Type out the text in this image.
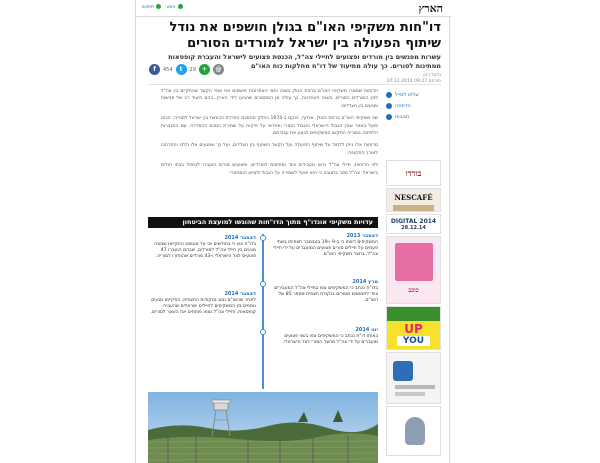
הארץ
ניווט
חיפוש
דו"חות משקיפי האו"ם בגולן חושפים את נודל שיתוף הפעולה בין ישראל למורדים הסורים
עשרות מפגשים בין מורדים ופצועים לחיילי צה"ל, הכנסת פצועים לישראל והעברת קופסאות ממתינות לסורים. כך עולה מתיעוד של דו"ח מחלקות כוח האו"ם
גלעד כהן
פורסם 09:27 07.12.2014
f	454	t	29 +	@

הדוחות שמסרו משקיפי האו"ם ברמת הגולן בשנה וחצי האחרונות חושפים את אופי הקשר שהתקיים בין צה"ל לבין המורדים הסורים, בשנה האחרונה, כך עולה מן המסמכים שהגיעו לידי הארץ, בהם תיעוד רב של פגישות ומגעים בין הצדדים.

שני משקיפי האו"ם ברמת הגולן, אנדוף, הוקם ב-1974 כחלק מהסכם הפרדת הכוחות בין ישראל לסוריה. הכוח פועל באזור שבין הגבול הישראלי והגבול הסורי ואחראי על פיקוח על שמירת הסכם ההפרדה. עם התגברות הלחימה בסוריה התקשו המשקיפים לבצע את עבודתם.

מדוחות אלו ניתן ללמוד על שיתוף הפעולה ועל הקשר השוטף בין הצדדים, ועל כך שמגעים אלו הלכו והתרחבו לאורך התקופה.

לפי הדוחות, חיילי צה"ל נראו מעבירים ציוד ומחיסות למורדים, ופצועים סורים הועברו לטיפול בבתי חולים בישראל. צה"ל מסר בתגובה כי הוא פועל לשמירה על הגבול ולסיוע הומניטרי.

שלחו למייל
הדפסה
תגובות
בורדו
NESCAFÉ
DIGITAL 2014
28.12.14
כוכב
UP
YOU
עדויות משקיפי אונדו"ף מתוך הדו"חות שהוגשו למועצת הביטחון
דצמבר 2013
המשקיפים דיווחו כי ב-9 ו-19 בנובמבר תצפיתו בשתי פעמים על חיילים סורים פצועים המועברים על ידי חיילי צה"ל, בחצר משקיפי האו"ם.
מרץ 2014
בדו"ח נכתב כי המשקיפים צפו בחיילי צה"ל המעבירים ציוד לחמושים מסורים בנקודת תצפית מספר 85 של האו"ם.
יוני 2014
באותו דו"ח נכתב כי המשקיפים צפו בשני פצועים מועברים על ידי צה"ל מהצד הסורי לצד הישראלי.
דצמבר 2014
בדו"ח צוין כי בחודשים יוני עד אוגוסט התקיימו שמונה מגעים בין חיילי צה"ל למורדים, שבהם הועברו 47 פצועים לצד הישראלי ו-43 מורדים שהוחזרו לסוריה.
דצמבר 2014
לאחר שהאו"ם נסוג מנקודות התצפית, התקיימו מגעים נוספים בין המשקיפים לחיילים ישראלים שהעבירו קופסאות, וחיילי צה"ל נצפו פותחים את השער לסורים.
